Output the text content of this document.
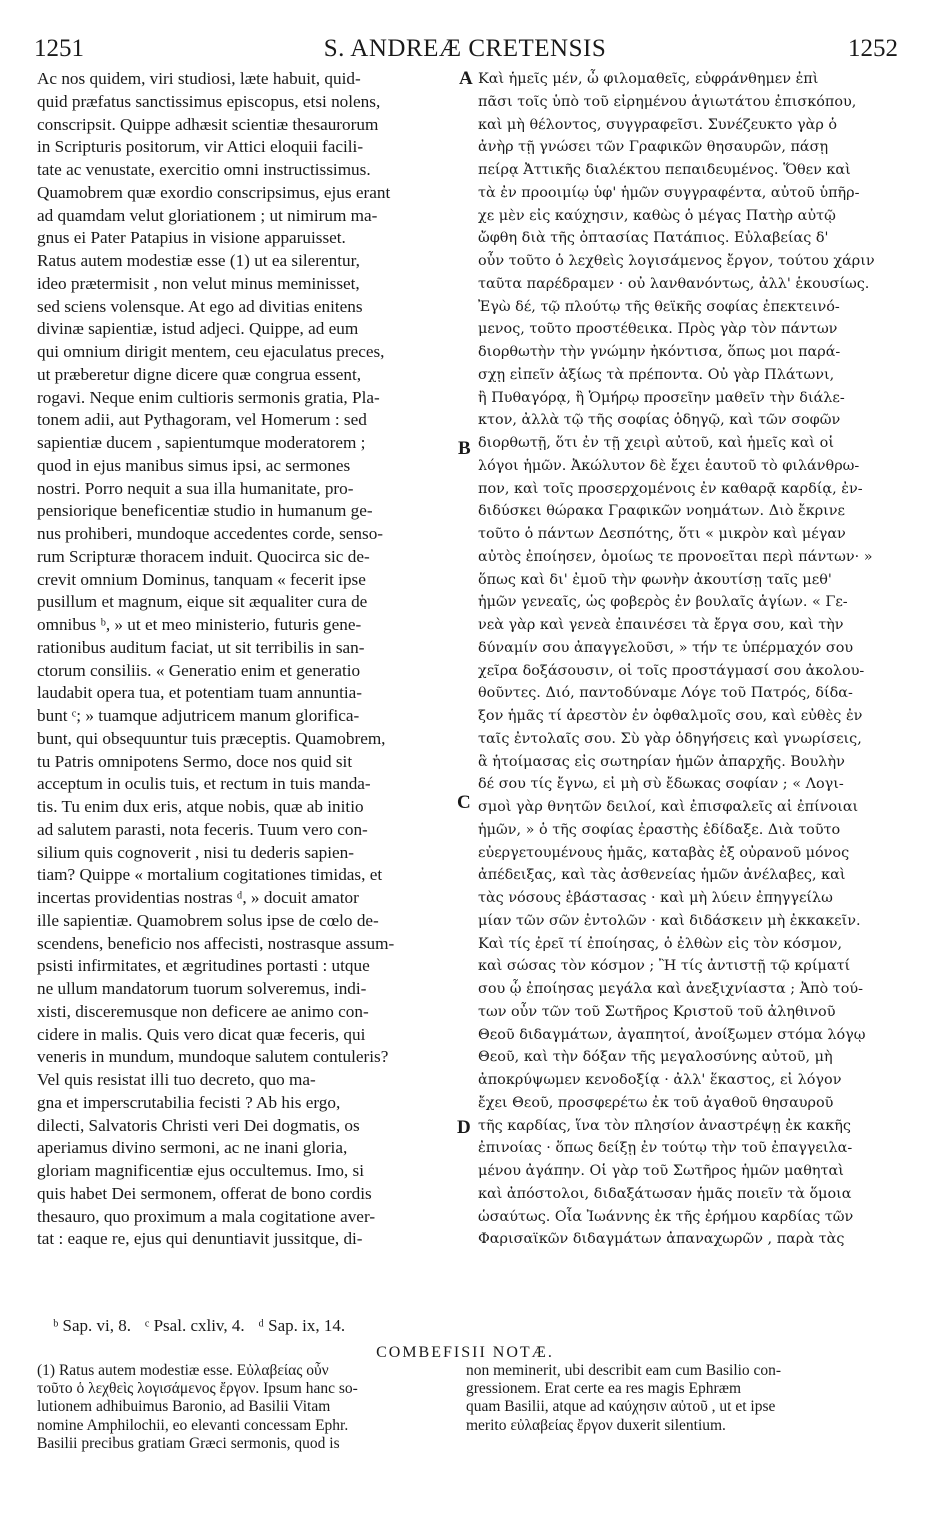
S. ANDREÆ CRETENSIS
1251	1252
Ac nos quidem, viri studiosi, læte habuit, quid-
quid præfatus sanctissimus episcopus, etsi nolens,
conscripsit. Quippe adhæsit scientiæ thesaurorum
in Scripturis positorum, vir Attici eloquii facili-
tate ac venustate, exercitio omni instructissimus.
Quamobrem quæ exordio conscripsimus, ejus erant
ad quamdam velut gloriationem ; ut nimirum ma-
gnus ei Pater Patapius in visione apparuisset.
Ratus autem modestiæ esse (1) ut ea silerentur,
ideo prætermisit , non velut minus meminisset,
sed sciens volensque. At ego ad divitias enitens
divinæ sapientiæ, istud adjeci. Quippe, ad eum
qui omnium dirigit mentem, ceu ejaculatus preces,
ut præberetur digne dicere quæ congrua essent,
rogavi. Neque enim cultioris sermonis gratia, Pla-
tonem adii, aut Pythagoram, vel Homerum : sed
sapientiæ ducem , sapientumque moderatorem ;
quod in ejus manibus simus ipsi, ac sermones
nostri. Porro nequit a sua illa humanitate, pro-
pensiorique beneficentiæ studio in humanum ge-
nus prohiberi, mundoque accedentes corde, senso-
rum Scripturæ thoracem induit. Quocirca sic de-
crevit omnium Dominus, tanquam « fecerit ipse
pusillum et magnum, eique sit æqualiter cura de
omnibus ᵇ, » ut et meo ministerio, futuris gene-
rationibus auditum faciat, ut sit terribilis in san-
ctorum consiliis. « Generatio enim et generatio
laudabit opera tua, et potentiam tuam annuntia-
bunt ᶜ; » tuamque adjutricem manum glorifica-
bunt, qui obsequuntur tuis præceptis. Quamobrem,
tu Patris omnipotens Sermo, doce nos quid sit
acceptum in oculis tuis, et rectum in tuis manda-
tis. Tu enim dux eris, atque nobis, quæ ab initio
ad salutem parasti, nota feceris. Tuum vero con-
silium quis cognoverit , nisi tu dederis sapien-
tiam? Quippe « mortalium cogitationes timidas, et
incertas providentias nostras ᵈ, » docuit amator
ille sapientiæ. Quamobrem solus ipse de cœlo de-
scendens, beneficio nos affecisti, nostrasque assum-
psisti infirmitates, et ægritudines portasti : utque
ne ullum mandatorum tuorum solveremus, indi-
xisti, disceremusque non deficere ae animo con-
cidere in malis. Quis vero dicat quæ feceris, qui
veneris in mundum, mundoque salutem contuleris?
Vel quis resistat illi tuo decreto, quo ma-
gna et imperscrutabilia fecisti ? Ab his ergo,
dilecti, Salvatoris Christi veri Dei dogmatis, os
aperiamus divino sermoni, ac ne inani gloria,
gloriam magnificentiæ ejus occultemus. Imo, si
quis habet Dei sermonem, offerat de bono cordis
thesauro, quo proximum a mala cogitatione aver-
tat : eaque re, ejus qui denuntiavit jussitque, di-
Καὶ ἡμεῖς μέν, ὦ φιλομαθεῖς, εὐφράνθημεν ἐπὶ
πᾶσι τοῖς ὑπὸ τοῦ εἰρημένου ἁγιωτάτου ἐπισκόπου,
καὶ μὴ θέλοντος, συγγραφεῖσι. Συνέζευκτο γὰρ ὁ
ἀνὴρ τῇ γνώσει τῶν Γραφικῶν θησαυρῶν, πάσῃ
πείρᾳ Ἀττικῆς διαλέκτου πεπαιδευμένος. Ὅθεν καὶ
τὰ ἐν προοιμίῳ ὑφ' ἡμῶν συγγραφέντα, αὐτοῦ ὑπῆρ-
χε μὲν εἰς καύχησιν, καθὼς ὁ μέγας Πατὴρ αὐτῷ
ὤφθη διὰ τῆς ὀπτασίας Πατάπιος. Εὐλαβείας δ'
οὖν τοῦτο ὁ λεχθεὶς λογισάμενος ἔργον, τούτου χάριν
ταῦτα παρέδραμεν · οὐ λανθανόντως, ἀλλ' ἑκουσίως.
Ἐγὼ δέ, τῷ πλούτῳ τῆς θεϊκῆς σοφίας ἐπεκτεινό-
μενος, τοῦτο προστέθεικα. Πρὸς γὰρ τὸν πάντων
διορθωτὴν τὴν γνώμην ἠκόντισα, ὅπως μοι παρά-
σχῃ εἰπεῖν ἀξίως τὰ πρέποντα. Οὐ γὰρ Πλάτωνι,
ἢ Πυθαγόρᾳ, ἢ Ὁμήρῳ προσεῖην μαθεῖν τὴν διάλε-
κτον, ἀλλὰ τῷ τῆς σοφίας ὁδηγῷ, καὶ τῶν σοφῶν
διορθωτῇ, ὅτι ἐν τῇ χειρὶ αὐτοῦ, καὶ ἡμεῖς καὶ οἱ
λόγοι ἡμῶν. Ἀκώλυτον δὲ ἔχει ἑαυτοῦ τὸ φιλάνθρω-
πον, καὶ τοῖς προσερχομένοις ἐν καθαρᾷ καρδίᾳ, ἐν-
διδύσκει θώρακα Γραφικῶν νοημάτων. Διὸ ἔκρινε
τοῦτο ὁ πάντων Δεσπότης, ὅτι « μικρὸν καὶ μέγαν
αὐτὸς ἐποίησεν, ὁμοίως τε προνοεῖται περὶ πάντων· »
ὅπως καὶ δι' ἐμοῦ τὴν φωνὴν ἀκουτίσῃ ταῖς μεθ'
ἡμῶν γενεαῖς, ὡς φοβερὸς ἐν βουλαῖς ἁγίων. « Γε-
νεὰ γὰρ καὶ γενεὰ ἐπαινέσει τὰ ἔργα σου, καὶ τὴν
δύναμίν σου ἀπαγγελοῦσι, » τήν τε ὑπέρμαχόν σου
χεῖρα δοξάσουσιν, οἱ τοῖς προστάγμασί σου ἀκολου-
θοῦντες. Διό, παντοδύναμε Λόγε τοῦ Πατρός, δίδα-
ξον ἡμᾶς τί ἀρεστὸν ἐν ὀφθαλμοῖς σου, καὶ εὐθὲς ἐν
ταῖς ἐντολαῖς σου. Σὺ γὰρ ὁδηγήσεις καὶ γνωρίσεις,
ἃ ἡτοίμασας εἰς σωτηρίαν ἡμῶν ἀπαρχῆς. Βουλὴν
δέ σου τίς ἔγνω, εἰ μὴ σὺ ἔδωκας σοφίαν ; « Λογι-
σμοὶ γὰρ θνητῶν δειλοί, καὶ ἐπισφαλεῖς αἱ ἐπίνοιαι
ἡμῶν, » ὁ τῆς σοφίας ἐραστὴς ἐδίδαξε. Διὰ τοῦτο
εὐεργετουμένους ἡμᾶς, καταβὰς ἐξ οὐρανοῦ μόνος
ἀπέδειξας, καὶ τὰς ἀσθενείας ἡμῶν ἀνέλαβες, καὶ
τὰς νόσους ἐβάστασας · καὶ μὴ λύειν ἐπηγγείλω
μίαν τῶν σῶν ἐντολῶν · καὶ διδάσκειν μὴ ἐκκακεῖν.
Καὶ τίς ἐρεῖ τί ἐποίησας, ὁ ἐλθὼν εἰς τὸν κόσμον,
καὶ σώσας τὸν κόσμον ; Ἢ τίς ἀντιστῇ τῷ κρίματί
σου ᾧ ἐποίησας μεγάλα καὶ ἀνεξιχνίαστα ; Ἀπὸ τού-
των οὖν τῶν τοῦ Σωτῆρος Κριστοῦ τοῦ ἀληθινοῦ
Θεοῦ διδαγμάτων, ἀγαπητοί, ἀνοίξωμεν στόμα λόγῳ
Θεοῦ, καὶ τὴν δόξαν τῆς μεγαλοσύνης αὐτοῦ, μὴ
ἀποκρύψωμεν κενοδοξίᾳ · ἀλλ' ἕκαστος, εἰ λόγον
ἔχει Θεοῦ, προσφερέτω ἐκ τοῦ ἀγαθοῦ θησαυροῦ
τῆς καρδίας, ἵνα τὸν πλησίον ἀναστρέψῃ ἐκ κακῆς
ἐπινοίας · ὅπως δείξῃ ἐν τούτῳ τὴν τοῦ ἐπαγγειλα-
μένου ἀγάπην. Οἱ γὰρ τοῦ Σωτῆρος ἡμῶν μαθηταὶ
καὶ ἀπόστολοι, διδαξάτωσαν ἡμᾶς ποιεῖν τὰ ὅμοια
ὡσαύτως. Οἷα Ἰωάννης ἐκ τῆς ἐρήμου καρδίας τῶν
Φαρισαϊκῶν διδαγμάτων ἀπαναχωρῶν , παρὰ τὰς
A
B
C
D
ᵇ Sap. vi, 8. ᶜ Psal. cxliv, 4. ᵈ Sap. ix, 14.
COMBEFISII NOTÆ.
(1) Ratus autem modestiæ esse. Εὐλαβείας οὖν
τοῦτο ὁ λεχθεὶς λογισάμενος ἔργον. Ipsum hanc so-
lutionem adhibuimus Baronio, ad Basilii Vitam
nomine Amphilochii, eo elevanti concessam Ephr.
Basilii precibus gratiam Græci sermonis, quod is
non meminerit, ubi describit eam cum Basilio con-
gressionem. Erat certe ea res magis Ephræm
quam Basilii, atque ad καύχησιν αὐτοῦ , ut et ipse
merito εὐλαβείας ἔργον duxerit silentium.
